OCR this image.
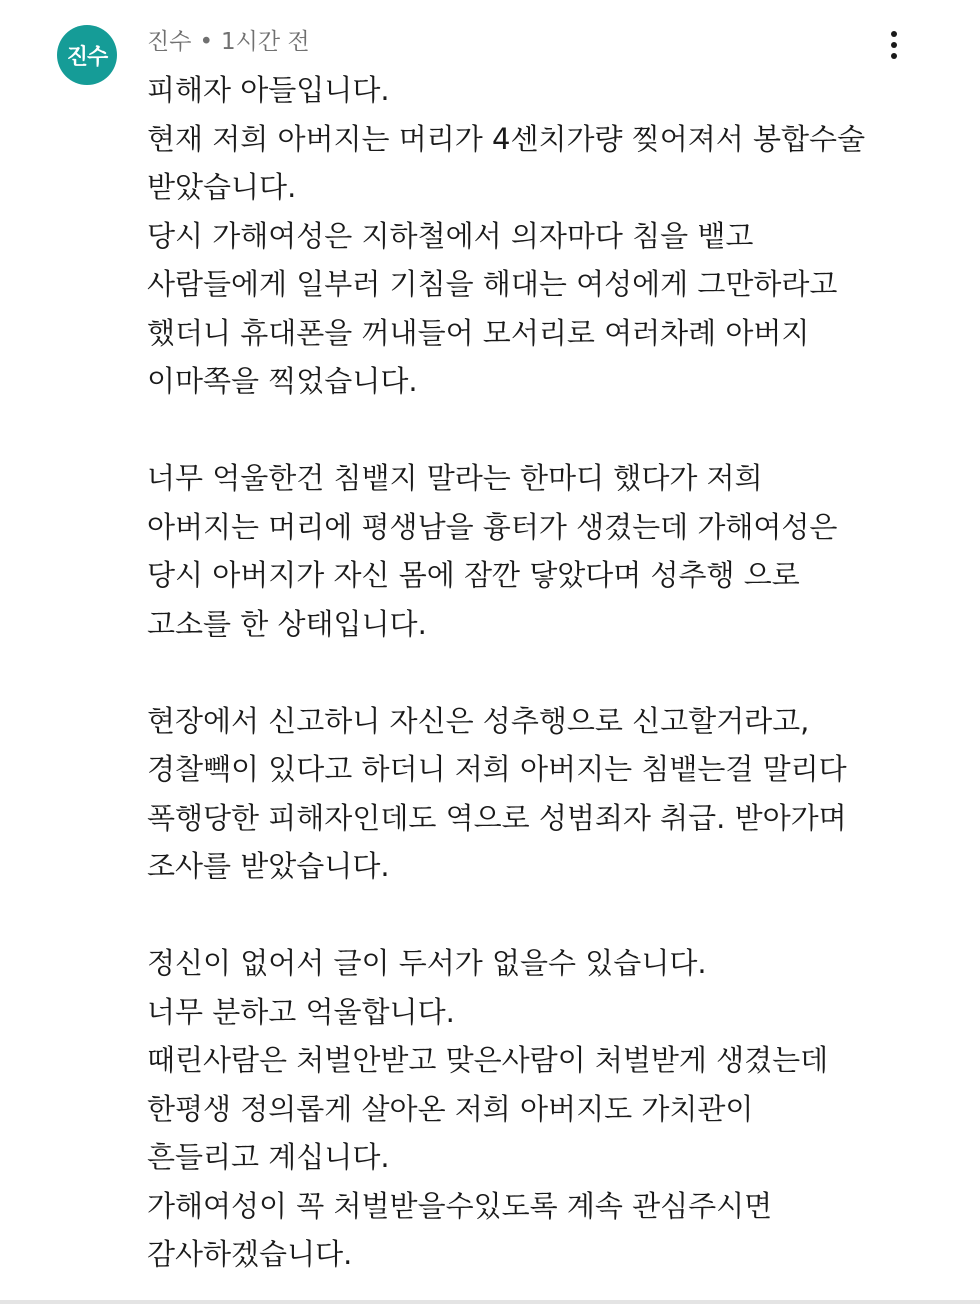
진수
진수 • 1시간 전
피해자 아들입니다.
현재 저희 아버지는 머리가 4센치가량 찢어져서 봉합수술
받았습니다.
당시 가해여성은 지하철에서 의자마다 침을 뱉고
사람들에게 일부러 기침을 해대는 여성에게 그만하라고
했더니 휴대폰을 꺼내들어 모서리로 여러차례 아버지
이마쪽을 찍었습니다.
너무 억울한건 침뱉지 말라는 한마디 했다가 저희
아버지는 머리에 평생남을 흉터가 생겼는데 가해여성은
당시 아버지가 자신 몸에 잠깐 닿았다며 성추행 으로
고소를 한 상태입니다.
현장에서 신고하니 자신은 성추행으로 신고할거라고,
경찰빽이 있다고 하더니 저희 아버지는 침뱉는걸 말리다
폭행당한 피해자인데도 역으로 성범죄자 취급. 받아가며
조사를 받았습니다.
정신이 없어서 글이 두서가 없을수 있습니다.
너무 분하고 억울합니다.
때린사람은 처벌안받고 맞은사람이 처벌받게 생겼는데
한평생 정의롭게 살아온 저희 아버지도 가치관이
흔들리고 계십니다.
가해여성이 꼭 처벌받을수있도록 계속 관심주시면
감사하겠습니다.
